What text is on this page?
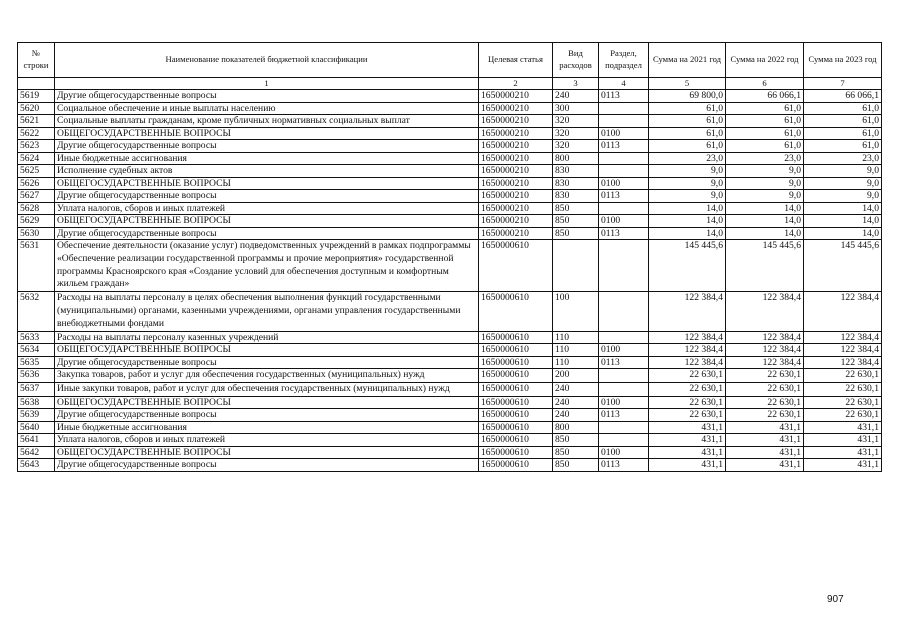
№ строки	Наименование показателей бюджетной классификации	Целевая статья	Вид расходов	Раздел, подраздел	Сумма на 2021 год	Сумма на 2022 год	Сумма на 2023 год
	1	2	3	4	5	6	7
5619	Другие общегосударственные вопросы	1650000210	240	0113	69 800,0	66 066,1	66 066,1
5620	Социальное обеспечение и иные выплаты населению	1650000210	300		61,0	61,0	61,0
5621	Социальные выплаты гражданам, кроме публичных нормативных социальных выплат	1650000210	320		61,0	61,0	61,0
5622	ОБЩЕГОСУДАРСТВЕННЫЕ ВОПРОСЫ	1650000210	320	0100	61,0	61,0	61,0
5623	Другие общегосударственные вопросы	1650000210	320	0113	61,0	61,0	61,0
5624	Иные бюджетные ассигнования	1650000210	800		23,0	23,0	23,0
5625	Исполнение судебных актов	1650000210	830		9,0	9,0	9,0
5626	ОБЩЕГОСУДАРСТВЕННЫЕ ВОПРОСЫ	1650000210	830	0100	9,0	9,0	9,0
5627	Другие общегосударственные вопросы	1650000210	830	0113	9,0	9,0	9,0
5628	Уплата налогов, сборов и иных платежей	1650000210	850		14,0	14,0	14,0
5629	ОБЩЕГОСУДАРСТВЕННЫЕ ВОПРОСЫ	1650000210	850	0100	14,0	14,0	14,0
5630	Другие общегосударственные вопросы	1650000210	850	0113	14,0	14,0	14,0
5631	Обеспечение деятельности (оказание услуг) подведомственных учреждений в рамках подпрограммы «Обеспечение реализации государственной программы и прочие мероприятия» государственной программы Красноярского края «Создание условий для обеспечения доступным и комфортным жильем граждан»	1650000610			145 445,6	145 445,6	145 445,6
5632	Расходы на выплаты персоналу в целях обеспечения выполнения функций государственными (муниципальными) органами, казенными учреждениями, органами управления государственными внебюджетными фондами	1650000610	100		122 384,4	122 384,4	122 384,4
5633	Расходы на выплаты персоналу казенных учреждений	1650000610	110		122 384,4	122 384,4	122 384,4
5634	ОБЩЕГОСУДАРСТВЕННЫЕ ВОПРОСЫ	1650000610	110	0100	122 384,4	122 384,4	122 384,4
5635	Другие общегосударственные вопросы	1650000610	110	0113	122 384,4	122 384,4	122 384,4
5636	Закупка товаров, работ и услуг для обеспечения государственных (муниципальных) нужд	1650000610	200		22 630,1	22 630,1	22 630,1
5637	Иные закупки товаров, работ и услуг для обеспечения государственных (муниципальных) нужд	1650000610	240		22 630,1	22 630,1	22 630,1
5638	ОБЩЕГОСУДАРСТВЕННЫЕ ВОПРОСЫ	1650000610	240	0100	22 630,1	22 630,1	22 630,1
5639	Другие общегосударственные вопросы	1650000610	240	0113	22 630,1	22 630,1	22 630,1
5640	Иные бюджетные ассигнования	1650000610	800		431,1	431,1	431,1
5641	Уплата налогов, сборов и иных платежей	1650000610	850		431,1	431,1	431,1
5642	ОБЩЕГОСУДАРСТВЕННЫЕ ВОПРОСЫ	1650000610	850	0100	431,1	431,1	431,1
5643	Другие общегосударственные вопросы	1650000610	850	0113	431,1	431,1	431,1
907
